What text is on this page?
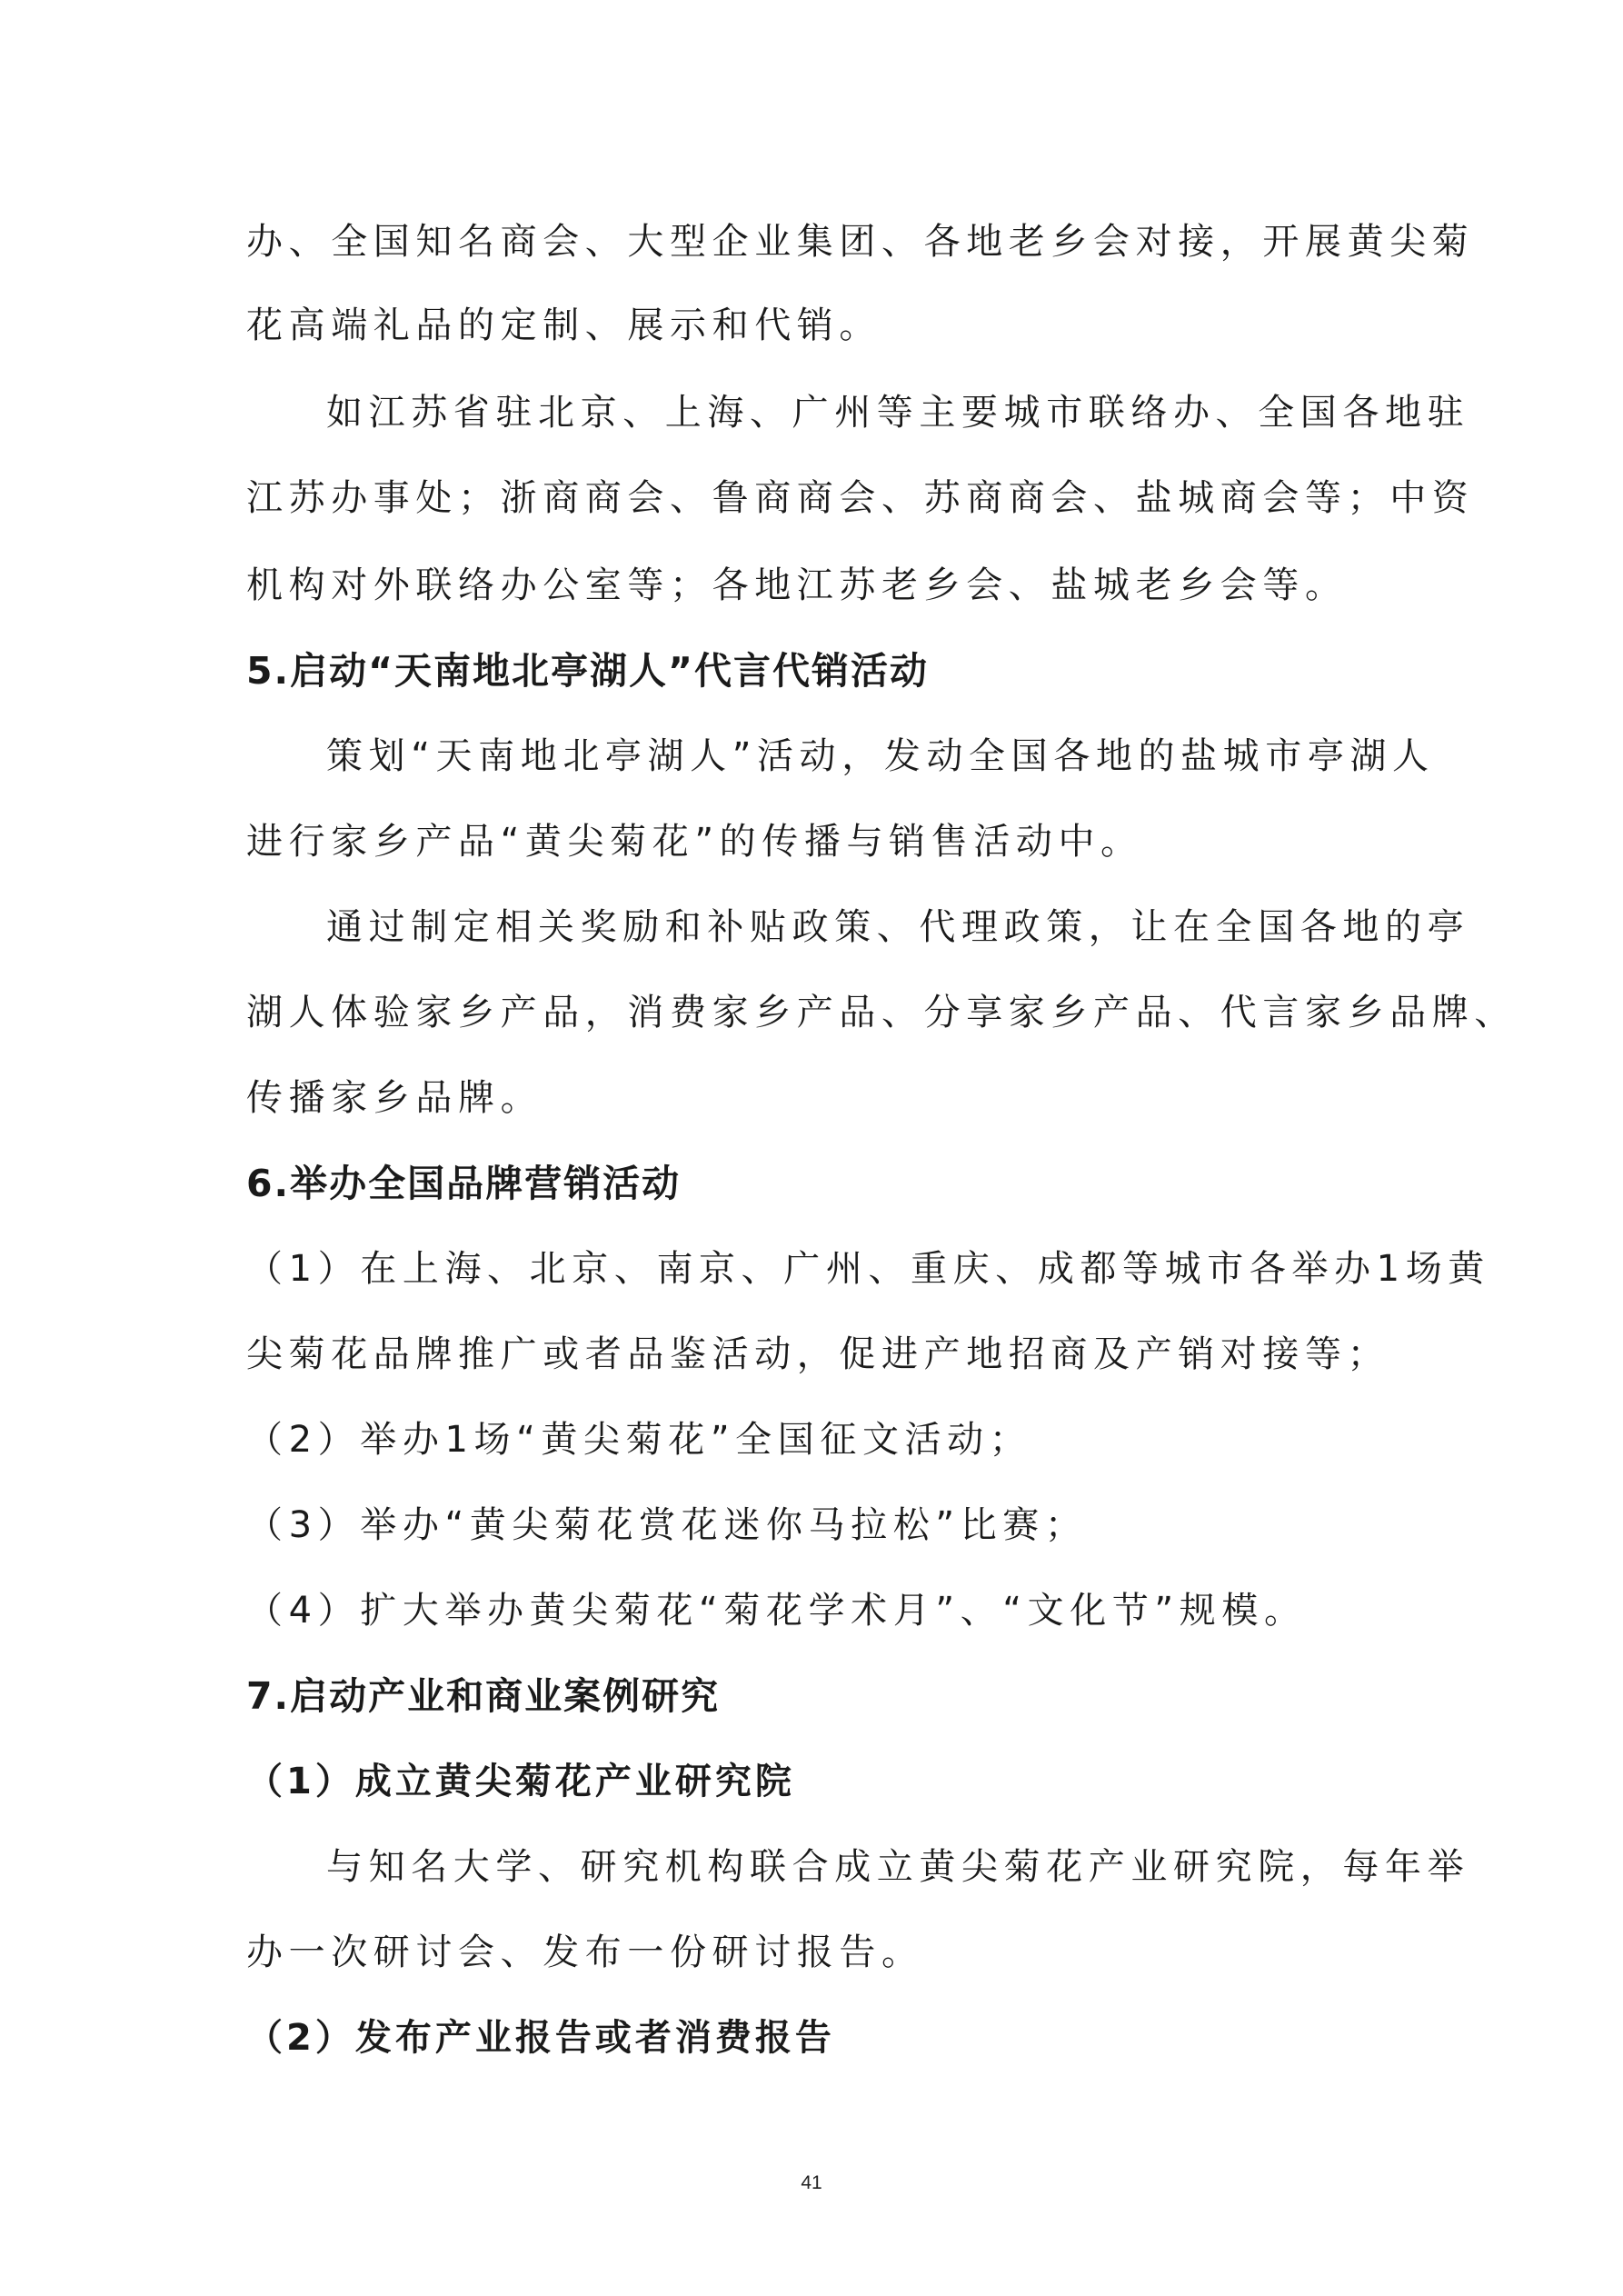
办、全国知名商会、大型企业集团、各地老乡会对接，开展黄尖菊
花高端礼品的定制、展示和代销。
如江苏省驻北京、上海、广州等主要城市联络办、全国各地驻
江苏办事处；浙商商会、鲁商商会、苏商商会、盐城商会等；中资
机构对外联络办公室等；各地江苏老乡会、盐城老乡会等。
5.启动“天南地北亭湖人”代言代销活动
策划“天南地北亭湖人”活动，发动全国各地的盐城市亭湖人
进行家乡产品“黄尖菊花”的传播与销售活动中。
通过制定相关奖励和补贴政策、代理政策，让在全国各地的亭
湖人体验家乡产品，消费家乡产品、分享家乡产品、代言家乡品牌、
传播家乡品牌。
6.举办全国品牌营销活动
（1）在上海、北京、南京、广州、重庆、成都等城市各举办1场黄
尖菊花品牌推广或者品鉴活动，促进产地招商及产销对接等；
（2）举办1场“黄尖菊花”全国征文活动；
（3）举办“黄尖菊花赏花迷你马拉松”比赛；
（4）扩大举办黄尖菊花“菊花学术月”、“文化节”规模。
7.启动产业和商业案例研究
（1）成立黄尖菊花产业研究院
与知名大学、研究机构联合成立黄尖菊花产业研究院，每年举
办一次研讨会、发布一份研讨报告。
（2）发布产业报告或者消费报告
41
